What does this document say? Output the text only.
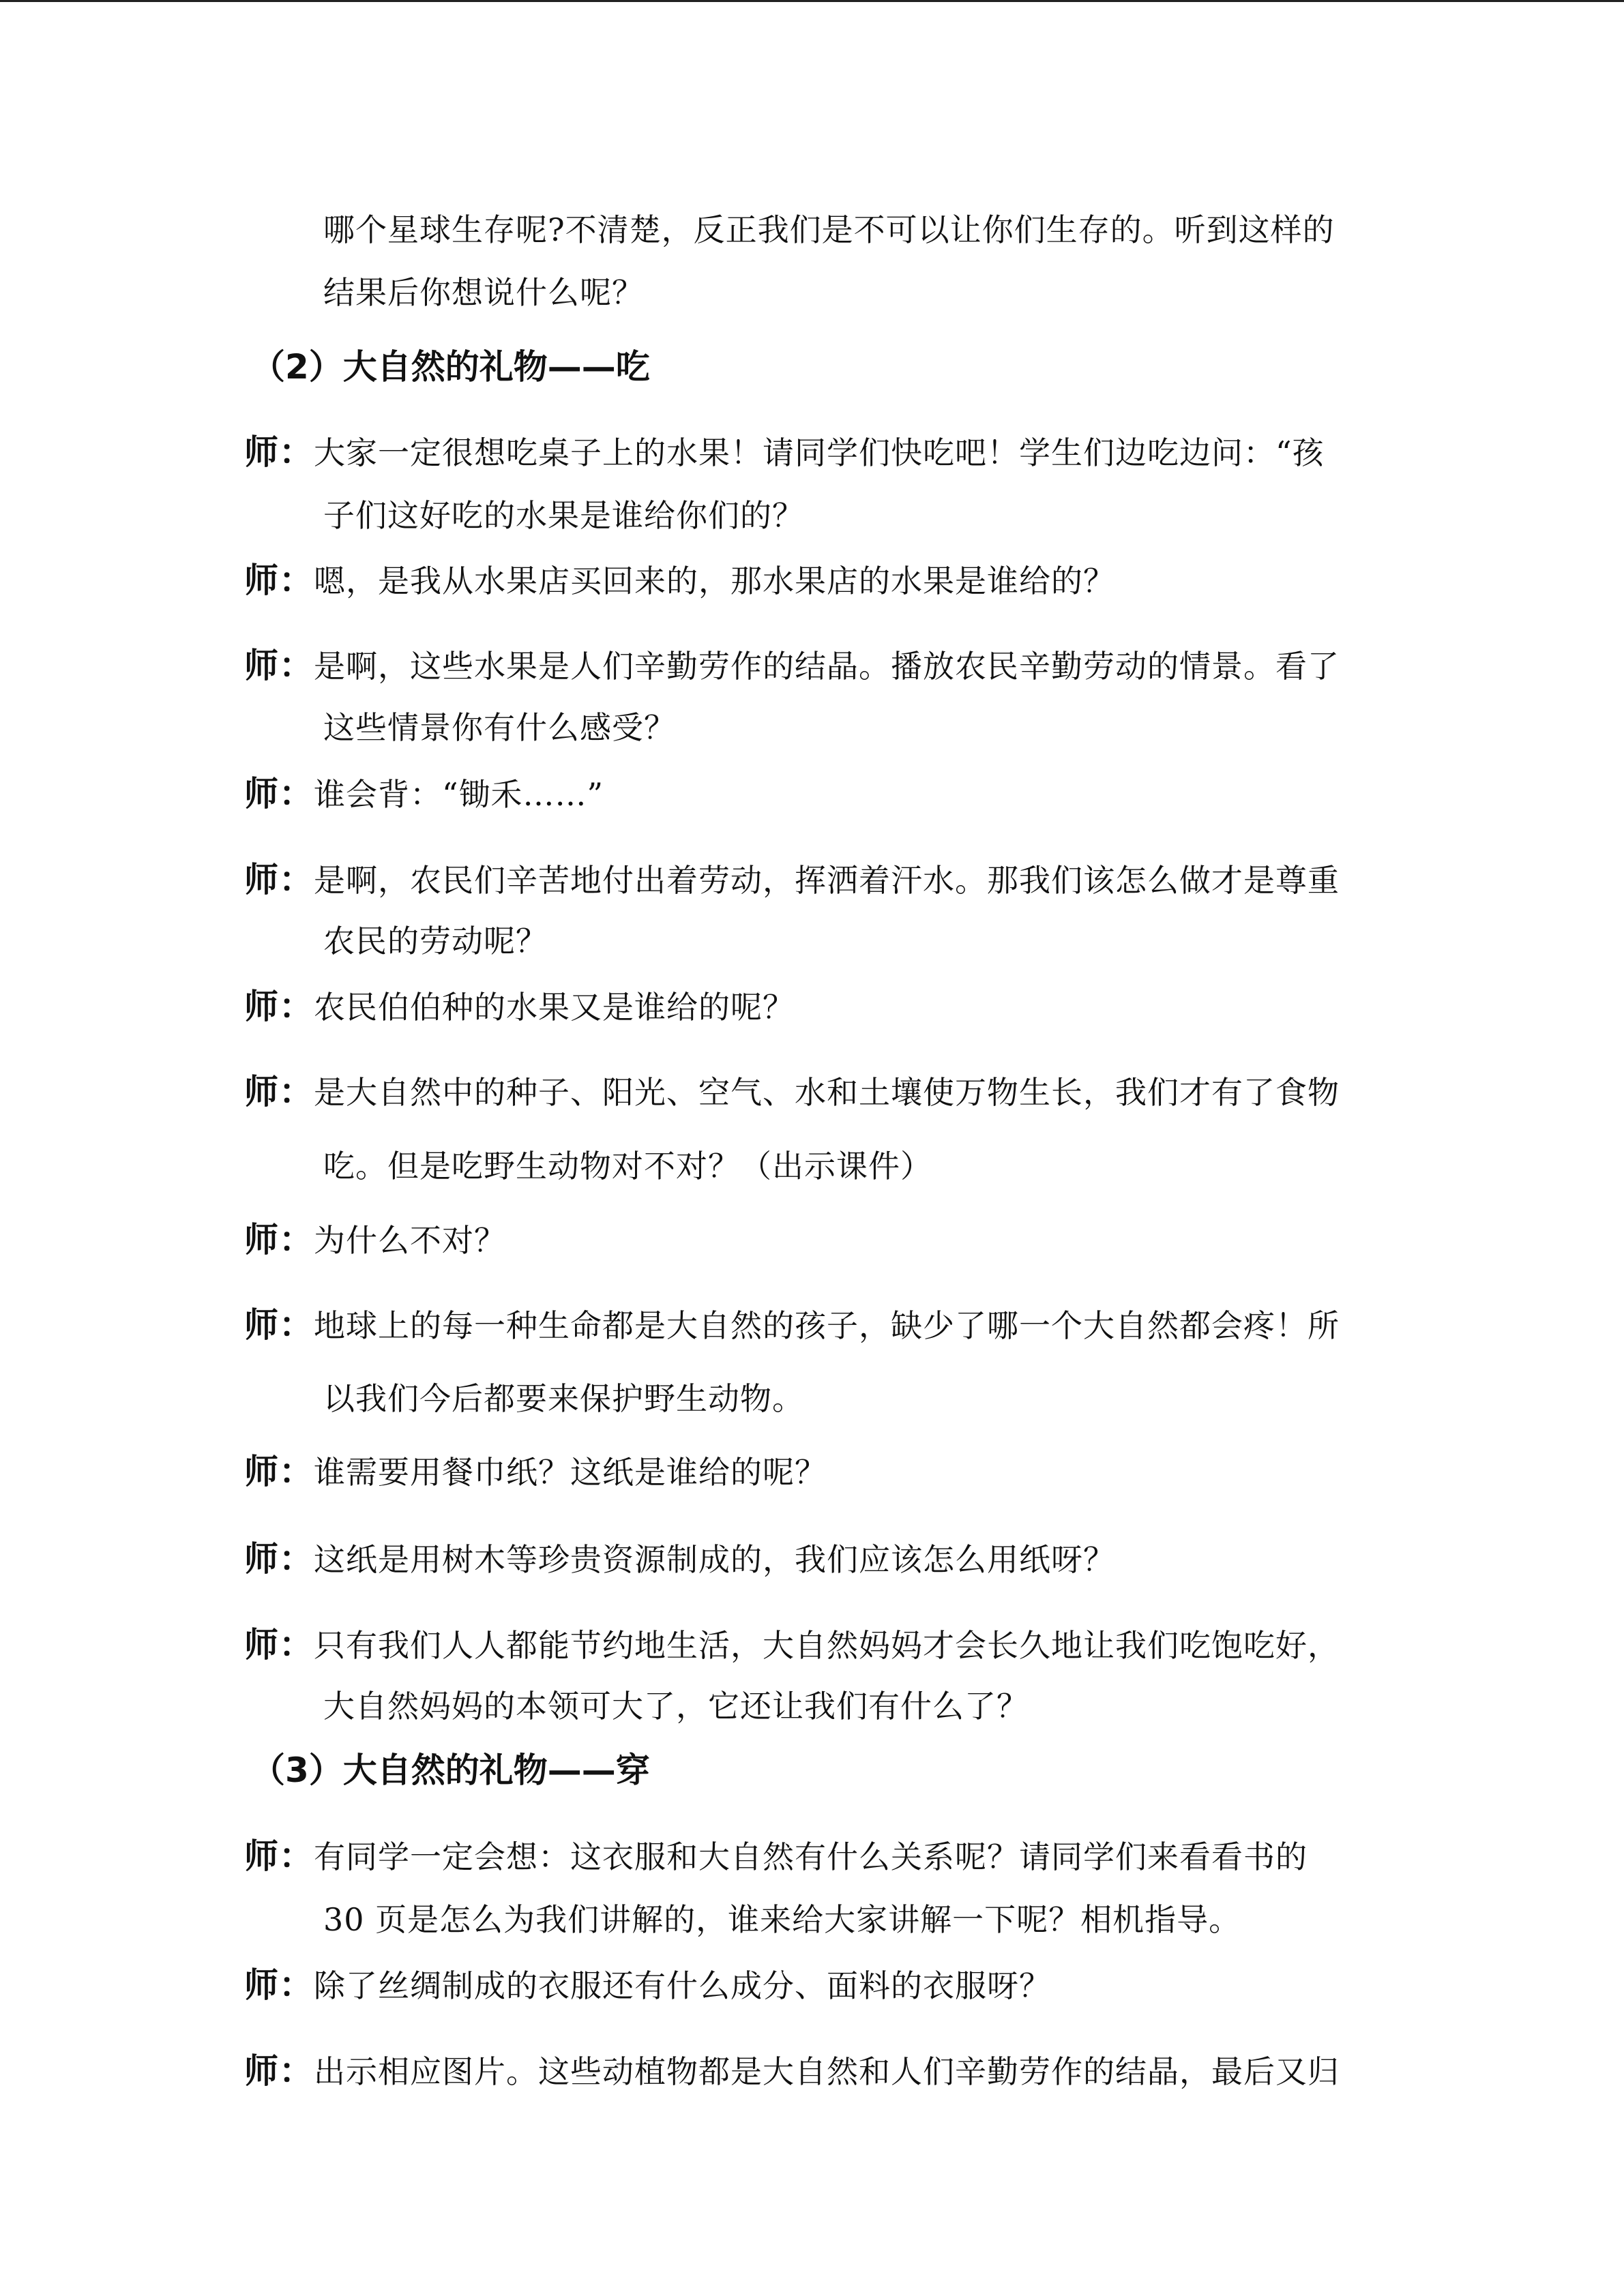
哪个星球生存呢?不清楚，反正我们是不可以让你们生存的。听到这样的
结果后你想说什么呢？
（2）大自然的礼物——吃
师：大家一定很想吃桌子上的水果！请同学们快吃吧！学生们边吃边问：“孩
子们这好吃的水果是谁给你们的？
师：嗯，是我从水果店买回来的，那水果店的水果是谁给的？
师：是啊，这些水果是人们辛勤劳作的结晶。播放农民辛勤劳动的情景。看了
这些情景你有什么感受？
师：谁会背：“锄禾……”
师：是啊，农民们辛苦地付出着劳动，挥洒着汗水。那我们该怎么做才是尊重
农民的劳动呢？
师：农民伯伯种的水果又是谁给的呢？
师：是大自然中的种子、阳光、空气、水和土壤使万物生长，我们才有了食物
吃。但是吃野生动物对不对？（出示课件）
师：为什么不对？
师：地球上的每一种生命都是大自然的孩子，缺少了哪一个大自然都会疼！所
以我们今后都要来保护野生动物。
师：谁需要用餐巾纸？这纸是谁给的呢？
师：这纸是用树木等珍贵资源制成的，我们应该怎么用纸呀？
师：只有我们人人都能节约地生活，大自然妈妈才会长久地让我们吃饱吃好，
大自然妈妈的本领可大了，它还让我们有什么了？
（3）大自然的礼物——穿
师：有同学一定会想：这衣服和大自然有什么关系呢？请同学们来看看书的
30 页是怎么为我们讲解的，谁来给大家讲解一下呢？相机指导。
师：除了丝绸制成的衣服还有什么成分、面料的衣服呀？
师：出示相应图片。这些动植物都是大自然和人们辛勤劳作的结晶，最后又归
